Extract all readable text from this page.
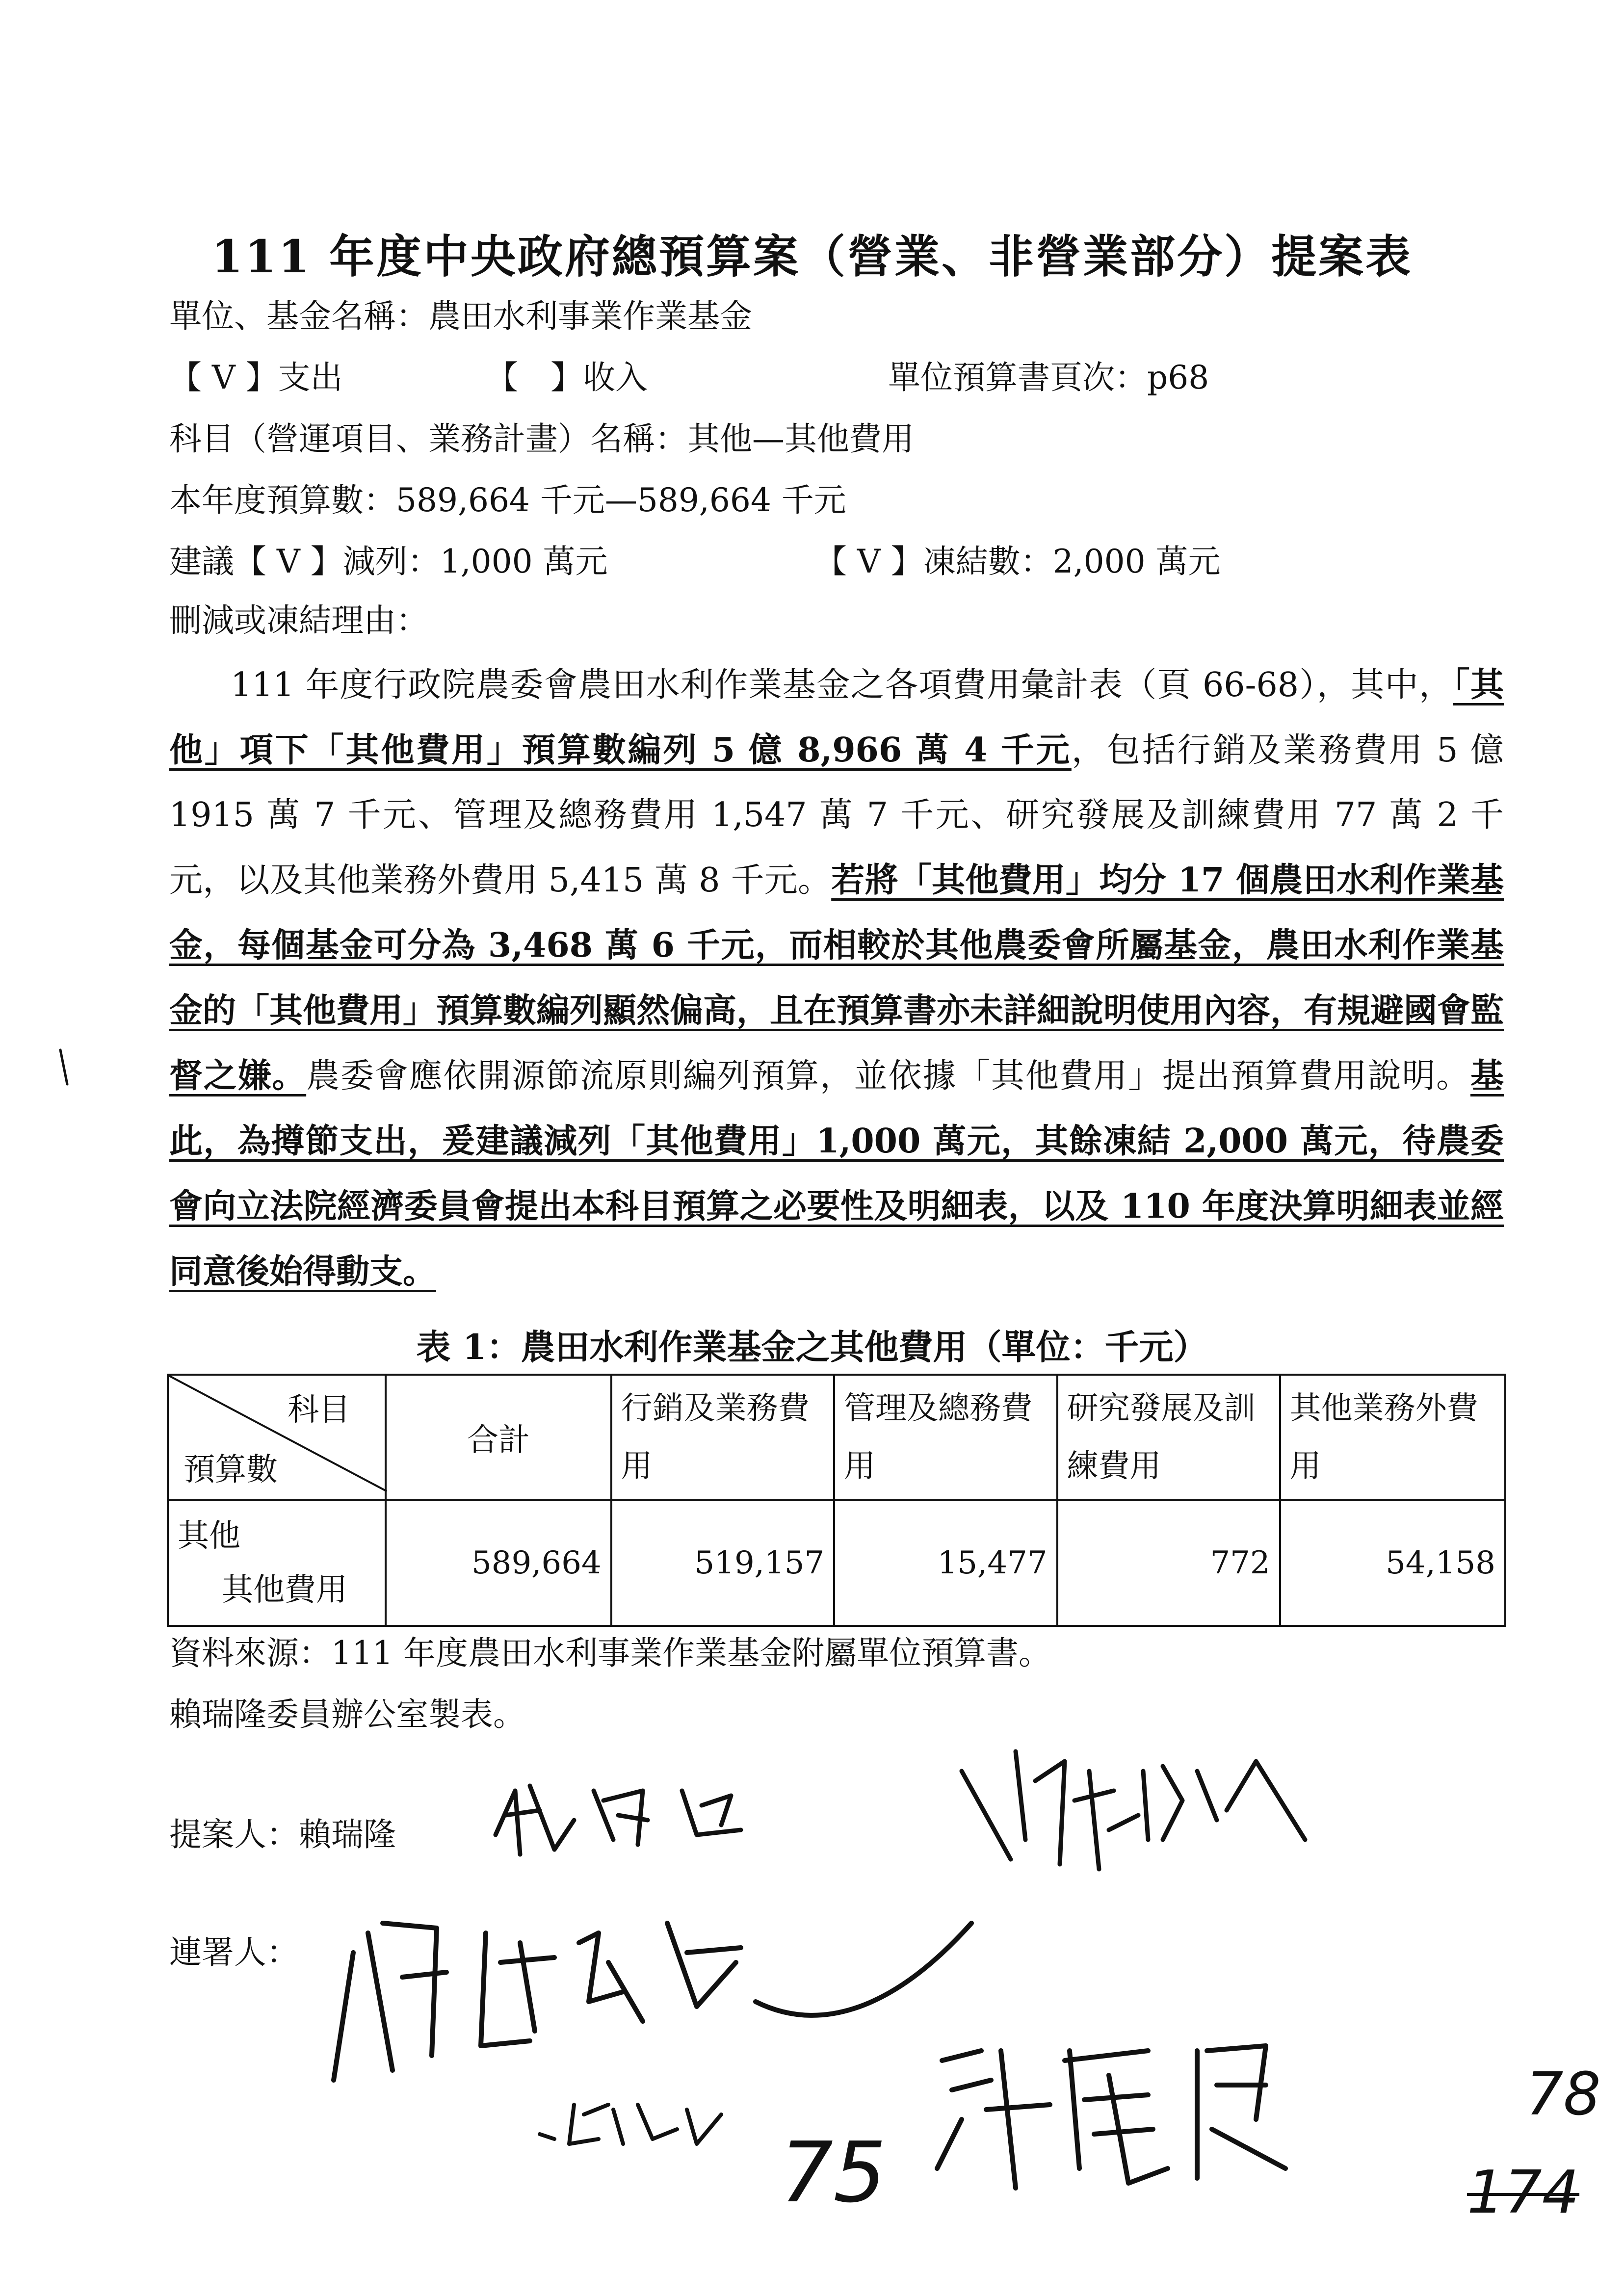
111 年度中央政府總預算案（營業、非營業部分）提案表
單位、基金名稱：農田水利事業作業基金
【 V 】支出	【　】收入	單位預算書頁次：p68
科目（營運項目、業務計畫）名稱：其他—其他費用
本年度預算數：589,664 千元—589,664 千元
建議【 V 】減列：1,000 萬元	【 V 】凍結數：2,000 萬元
刪減或凍結理由：
111 年度行政院農委會農田水利作業基金之各項費用彙計表（頁 66-68），其中，「其他」項下「其他費用」預算數編列 5 億 8,966 萬 4 千元，包括行銷及業務費用 5 億 1915 萬 7 千元、管理及總務費用 1,547 萬 7 千元、研究發展及訓練費用 77 萬 2 千元，以及其他業務外費用 5,415 萬 8 千元。若將「其他費用」均分 17 個農田水利作業基金，每個基金可分為 3,468 萬 6 千元，而相較於其他農委會所屬基金，農田水利作業基金的「其他費用」預算數編列顯然偏高，且在預算書亦未詳細說明使用內容，有規避國會監督之嫌。農委會應依開源節流原則編列預算，並依據「其他費用」提出預算費用說明。基此，為撙節支出，爰建議減列「其他費用」1,000 萬元，其餘凍結 2,000 萬元，待農委會向立法院經濟委員會提出本科目預算之必要性及明細表，以及 110 年度決算明細表並經同意後始得動支。
表 1：農田水利作業基金之其他費用（單位：千元）
科目
預算數	合計	行銷及業務費用	管理及總務費用	研究發展及訓練費用	其他業務外費用

其他
其他費用	589,664	519,157	15,477	772	54,158
資料來源：111 年度農田水利事業作業基金附屬單位預算書。
賴瑞隆委員辦公室製表。
提案人：賴瑞隆
連署人：
75
78
174
